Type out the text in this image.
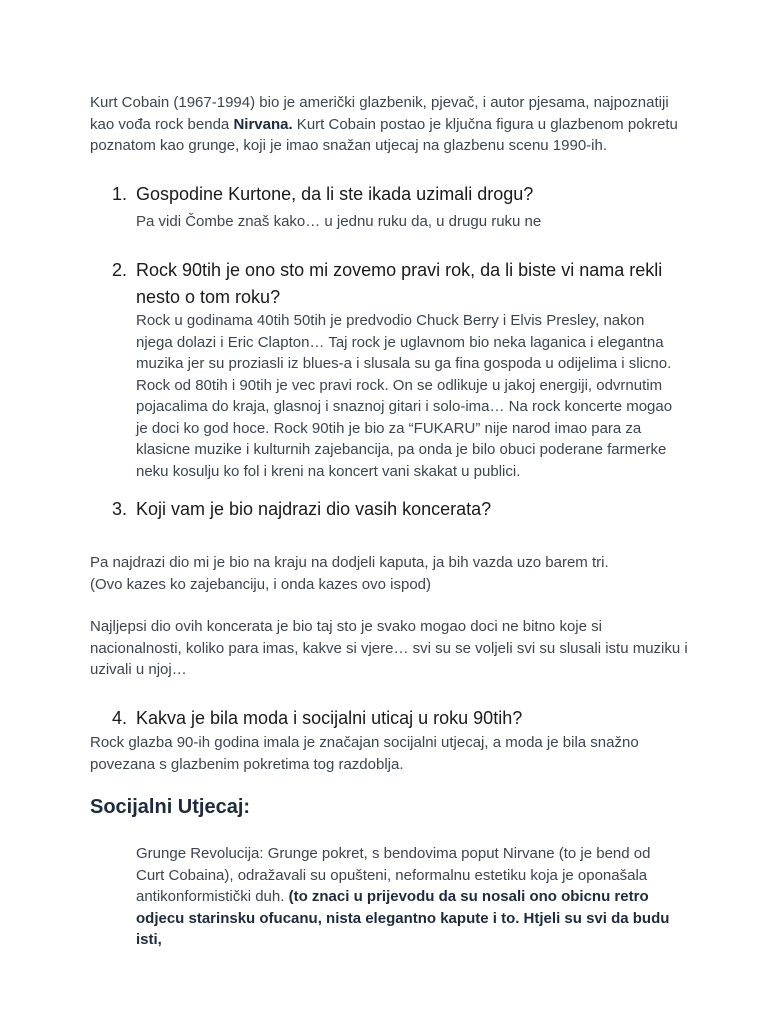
Kurt Cobain (1967-1994) bio je američki glazbenik, pjevač, i autor pjesama, najpoznatiji kao vođa rock benda Nirvana. Kurt Cobain postao je ključna figura u glazbenom pokretu poznatom kao grunge, koji je imao snažan utjecaj na glazbenu scenu 1990-ih.

1. Gospodine Kurtone, da li ste ikada uzimali drogu?

Pa vidi Čombe znaš kako… u jednu ruku da, u drugu ruku ne

2. Rock 90tih je ono sto mi zovemo pravi rok, da li biste vi nama rekli nesto o tom roku?

Rock u godinama 40tih 50tih je predvodio Chuck Berry i Elvis Presley, nakon njega dolazi i Eric Clapton… Taj rock je uglavnom bio neka laganica i elegantna muzika jer su proziasli iz blues-a i slusala su ga fina gospoda u odijelima i slicno. Rock od 80tih i 90tih je vec pravi rock. On se odlikuje u jakoj energiji, odvrnutim pojacalima do kraja, glasnoj i snaznoj gitari i solo-ima… Na rock koncerte mogao je doci ko god hoce. Rock 90tih je bio za “FUKARU” nije narod imao para za klasicne muzike i kulturnih zajebancija, pa onda je bilo obuci poderane farmerke neku kosulju ko fol i kreni na koncert vani skakat u publici.

3. Koji vam je bio najdrazi dio vasih koncerata?

Pa najdrazi dio mi je bio na kraju na dodjeli kaputa, ja bih vazda uzo barem tri.

(Ovo kazes ko zajebanciju, i onda kazes ovo ispod)

Najljepsi dio ovih koncerata je bio taj sto je svako mogao doci ne bitno koje si nacionalnosti, koliko para imas, kakve si vjere… svi su se voljeli svi su slusali istu muziku i uzivali u njoj…

4. Kakva je bila moda i socijalni uticaj u roku 90tih?

Rock glazba 90-ih godina imala je značajan socijalni utjecaj, a moda je bila snažno povezana s glazbenim pokretima tog razdoblja.

Socijalni Utjecaj:

Grunge Revolucija: Grunge pokret, s bendovima poput Nirvane (to je bend od Curt Cobaina), odražavali su opušteni, neformalnu estetiku koja je oponašala antikonformistički duh. (to znaci u prijevodu da su nosali ono obicnu retro odjecu starinsku ofucanu, nista elegantno kapute i to. Htjeli su svi da budu isti,
